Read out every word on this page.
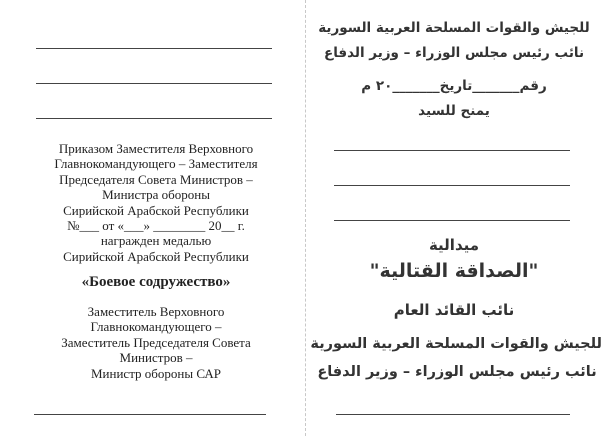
Приказом Заместителя Верховного
Главнокомандующего – Заместителя
Председателя Совета Министров –
Министра обороны
Сирийской Арабской Республики
№___ от «___» ________ 20__ г.
награжден медалью
Сирийской Арабской Республики
«Боевое содружество»
Заместитель Верховного
Главнокомандующего –
Заместитель Председателя Совета
Министров –
Министр обороны САР
للجيش والقوات المسلحة العربية السورية
نائب رئيس مجلس الوزراء – وزير الدفاع
رقم_______تاريخ_______٢٠ م
يمنح للسيد
ميدالية
"الصداقة القتالية"
نائب القائد العام
للجيش والقوات المسلحة العربية السورية
نائب رئيس مجلس الوزراء – وزير الدفاع
